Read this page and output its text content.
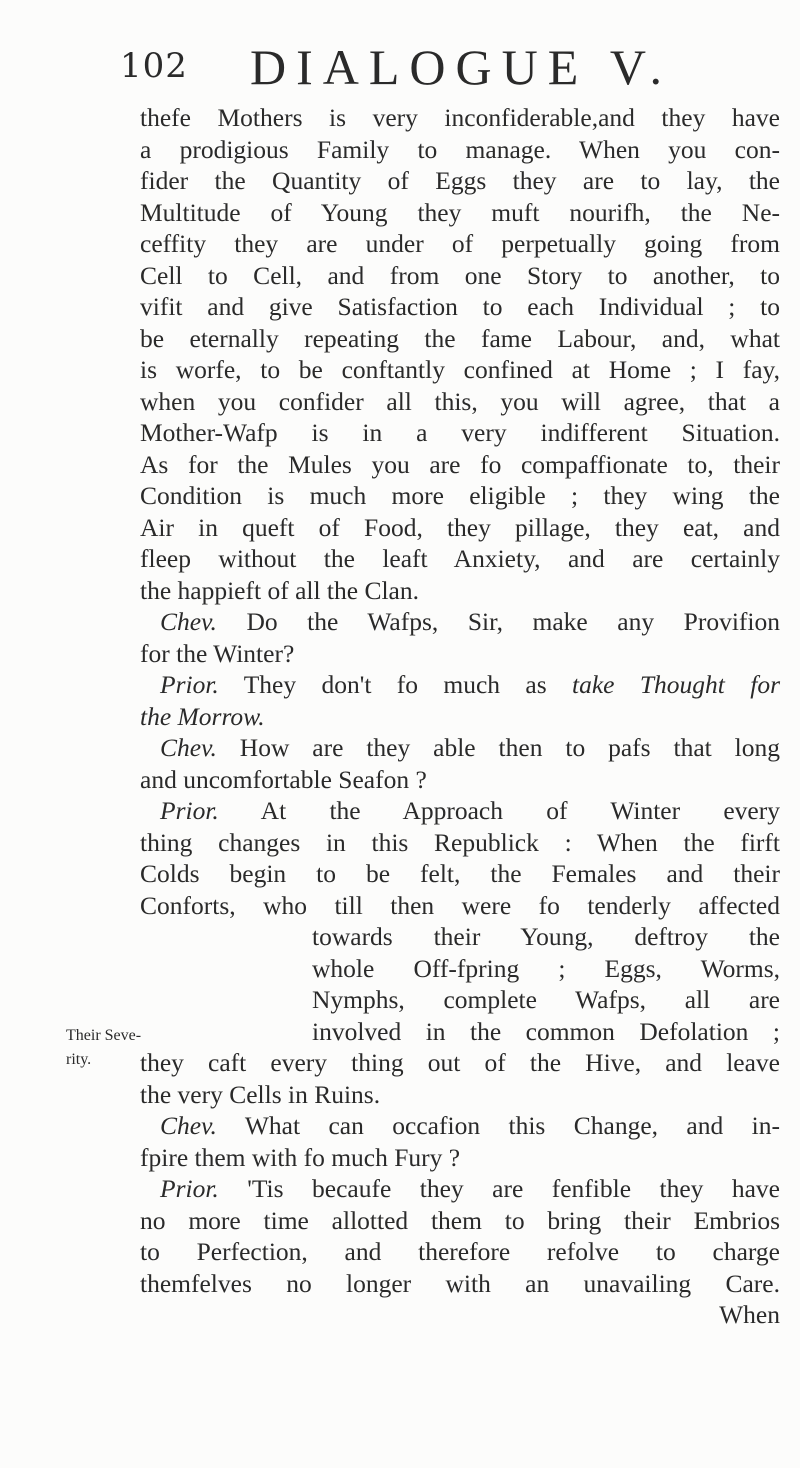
102 DIALOGUE V.
Their Seve-
rity.
thefe Mothers is very inconfiderable,and they have
a prodigious Family to manage. When you con-
fider the Quantity of Eggs they are to lay, the
Multitude of Young they muft nourifh, the Ne-
ceffity they are under of perpetually going from
Cell to Cell, and from one Story to another, to
vifit and give Satisfaction to each Individual ; to
be eternally repeating the fame Labour, and, what
is worfe, to be conftantly confined at Home ; I fay,
when you confider all this, you will agree, that a
Mother-Wafp is in a very indifferent Situation.
As for the Mules you are fo compaffionate to, their
Condition is much more eligible ; they wing the
Air in queft of Food, they pillage, they eat, and
fleep without the leaft Anxiety, and are certainly
the happieft of all the Clan.
Chev. Do the Wafps, Sir, make any Provifion
for the Winter?
Prior. They don't fo much as take Thought for
the Morrow.
Chev. How are they able then to pafs that long
and uncomfortable Seafon ?
Prior. At the Approach of Winter every
thing changes in this Republick : When the firft
Colds begin to be felt, the Females and their
Conforts, who till then were fo tenderly affected
towards their Young, deftroy the
whole Off-fpring ; Eggs, Worms,
Nymphs, complete Wafps, all are
involved in the common Defolation ;
they caft every thing out of the Hive, and leave
the very Cells in Ruins.
Chev. What can occafion this Change, and in-
fpire them with fo much Fury ?
Prior. 'Tis becaufe they are fenfible they have
no more time allotted them to bring their Embrios
to Perfection, and therefore refolve to charge
themfelves no longer with an unavailing Care.
When
